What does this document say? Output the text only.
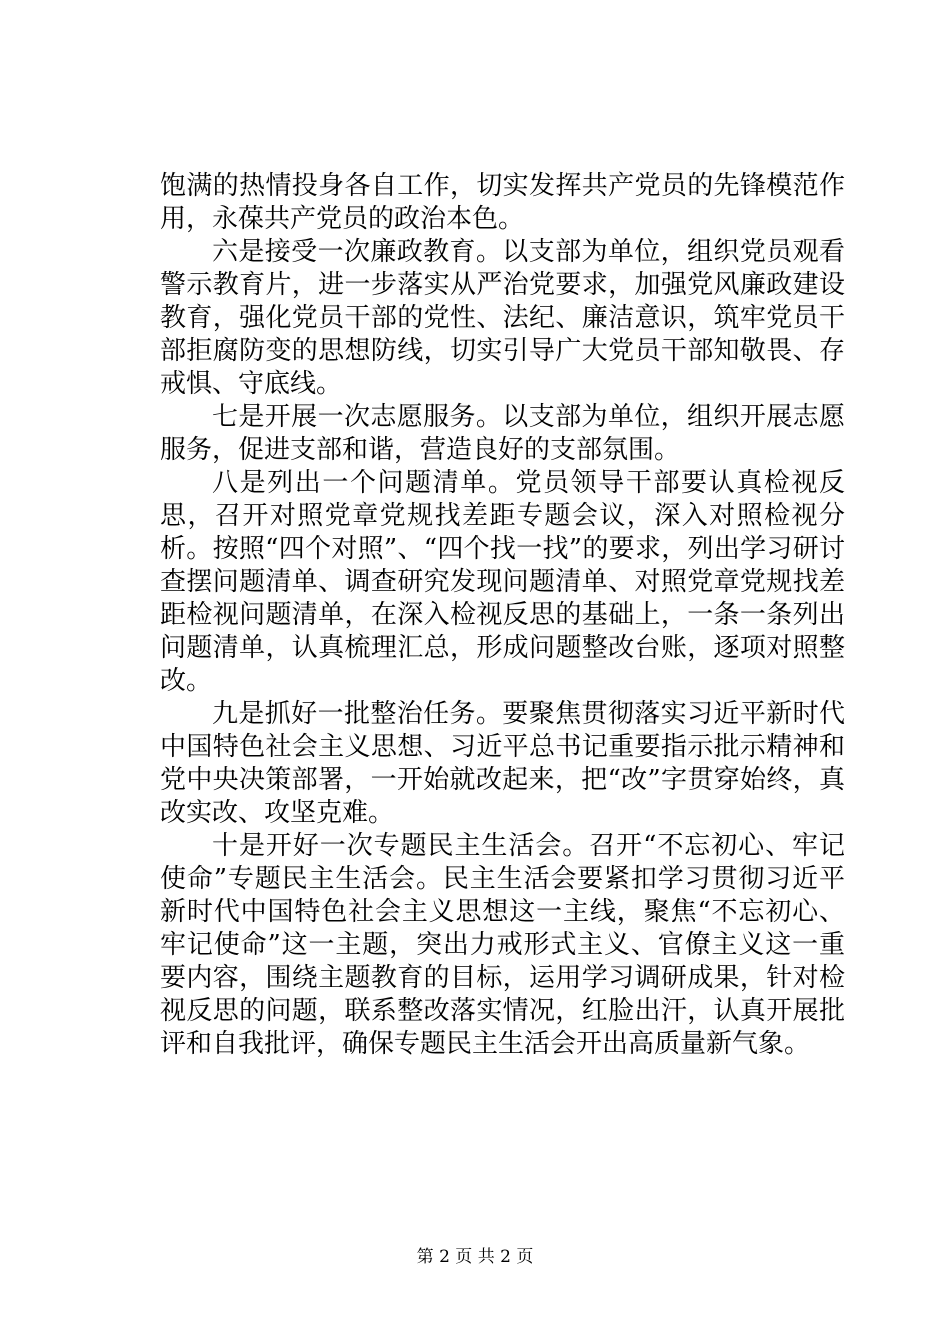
饱满的热情投身各自工作，切实发挥共产党员的先锋模范作用，永葆共产党员的政治本色。

六是接受一次廉政教育。以支部为单位，组织党员观看警示教育片，进一步落实从严治党要求，加强党风廉政建设教育，强化党员干部的党性、法纪、廉洁意识，筑牢党员干部拒腐防变的思想防线，切实引导广大党员干部知敬畏、存戒惧、守底线。

七是开展一次志愿服务。以支部为单位，组织开展志愿服务，促进支部和谐，营造良好的支部氛围。

八是列出一个问题清单。党员领导干部要认真检视反思，召开对照党章党规找差距专题会议，深入对照检视分析。按照“四个对照”、“四个找一找”的要求，列出学习研讨查摆问题清单、调查研究发现问题清单、对照党章党规找差距检视问题清单，在深入检视反思的基础上，一条一条列出问题清单，认真梳理汇总，形成问题整改台账，逐项对照整改。

九是抓好一批整治任务。要聚焦贯彻落实习近平新时代中国特色社会主义思想、习近平总书记重要指示批示精神和党中央决策部署，一开始就改起来，把“改”字贯穿始终，真改实改、攻坚克难。

十是开好一次专题民主生活会。召开“不忘初心、牢记使命”专题民主生活会。民主生活会要紧扣学习贯彻习近平新时代中国特色社会主义思想这一主线，聚焦“不忘初心、牢记使命”这一主题，突出力戒形式主义、官僚主义这一重要内容，围绕主题教育的目标，运用学习调研成果，针对检视反思的问题，联系整改落实情况，红脸出汗，认真开展批评和自我批评，确保专题民主生活会开出高质量新气象。

第 2 页 共 2 页
